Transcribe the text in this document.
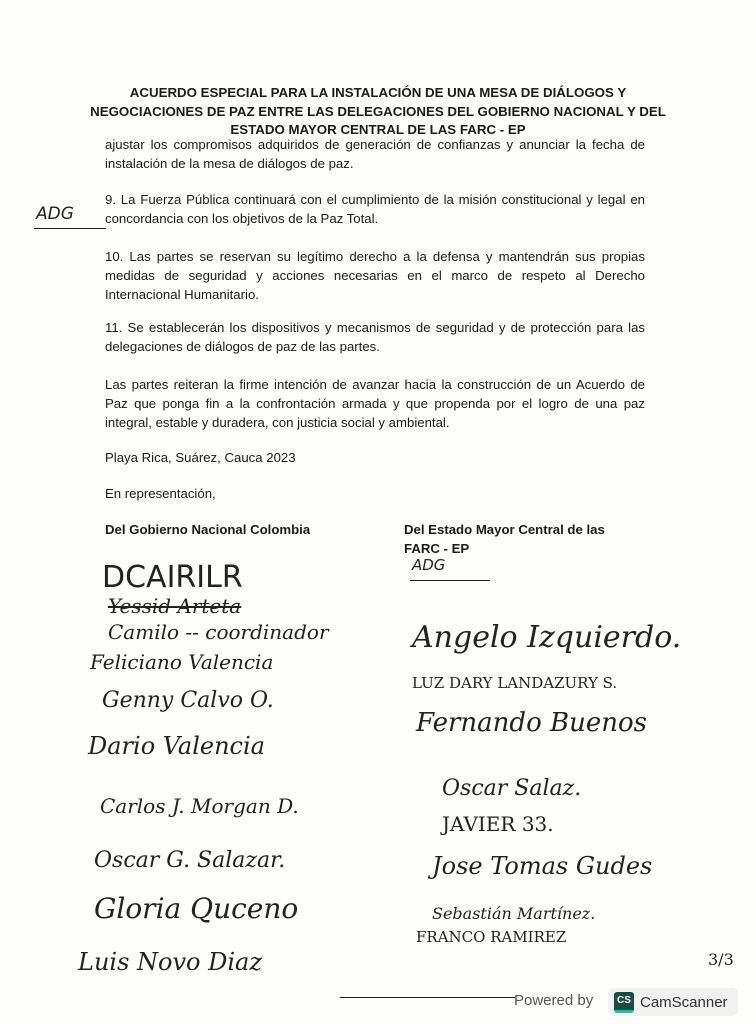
ACUERDO ESPECIAL PARA LA INSTALACIÓN DE UNA MESA DE DIÁLOGOS Y
NEGOCIACIONES DE PAZ ENTRE LAS DELEGACIONES DEL GOBIERNO NACIONAL Y DEL
ESTADO MAYOR CENTRAL DE LAS FARC - EP
ajustar los compromisos adquiridos de generación de confianzas y anunciar la fecha de instalación de la mesa de diálogos de paz.
9. La Fuerza Pública continuará con el cumplimiento de la misión constitucional y legal en concordancia con los objetivos de la Paz Total.
ADG
10. Las partes se reservan su legítimo derecho a la defensa y mantendrán sus propias medidas de seguridad y acciones necesarias en el marco de respeto al Derecho Internacional Humanitario.
11. Se establecerán los dispositivos y mecanismos de seguridad y de protección para las delegaciones de diálogos de paz de las partes.
Las partes reiteran la firme intención de avanzar hacia la construcción de un Acuerdo de Paz que ponga fin a la confrontación armada y que propenda por el logro de una paz integral, estable y duradera, con justicia social y ambiental.
Playa Rica, Suárez, Cauca 2023
En representación,
Del Gobierno Nacional Colombia	Del Estado Mayor Central de las FARC - EP
ADG
DCAIRILR
Yessid Arteta
Camilo -- coordinador
Feliciano Valencia
Genny Calvo O.
Dario Valencia
Carlos J. Morgan D.
Oscar G. Salazar.
Gloria Quceno
Luis Novo Diaz
Angelo Izquierdo.
LUZ DARY LANDAZURY S.
Fernando Buenos
Oscar Salaz.
JAVIER 33.
Jose Tomas Gudes
Sebastián Martínez.
FRANCO RAMIREZ
3/3
Powered by	CS CamScanner
